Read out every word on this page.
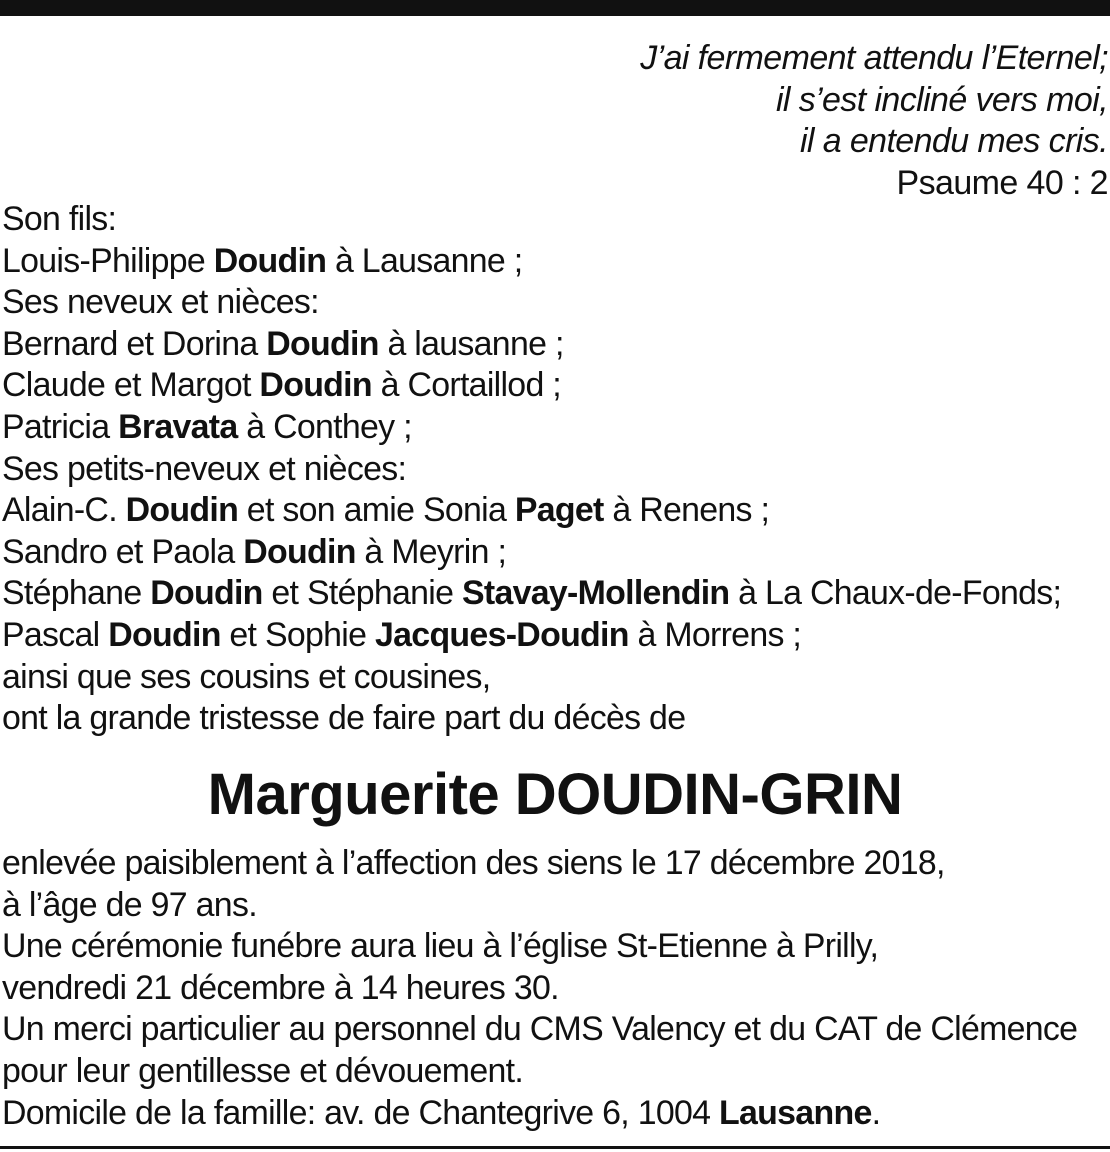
J’ai fermement attendu l’Eternel;
il s’est incliné vers moi,
il a entendu mes cris.
Psaume 40 : 2
Son fils:
Louis-Philippe Doudin à Lausanne ;
Ses neveux et nièces:
Bernard et Dorina Doudin à lausanne ;
Claude et Margot Doudin à Cortaillod ;
Patricia Bravata à Conthey ;
Ses petits-neveux et nièces:
Alain-C. Doudin et son amie Sonia Paget à Renens ;
Sandro et Paola Doudin à Meyrin ;
Stéphane Doudin et Stéphanie Stavay-Mollendin à La Chaux-de-Fonds;
Pascal Doudin et Sophie Jacques-Doudin à Morrens ;
ainsi que ses cousins et cousines,
ont la grande tristesse de faire part du décès de
Marguerite DOUDIN-GRIN
enlevée paisiblement à l’affection des siens le 17 décembre 2018,
à l’âge de 97 ans.
Une cérémonie funébre aura lieu à l’église St-Etienne à Prilly,
vendredi 21 décembre à 14 heures 30.
Un merci particulier au personnel du CMS Valency et du CAT de Clémence
pour leur gentillesse et dévouement.
Domicile de la famille: av. de Chantegrive 6, 1004 Lausanne.
